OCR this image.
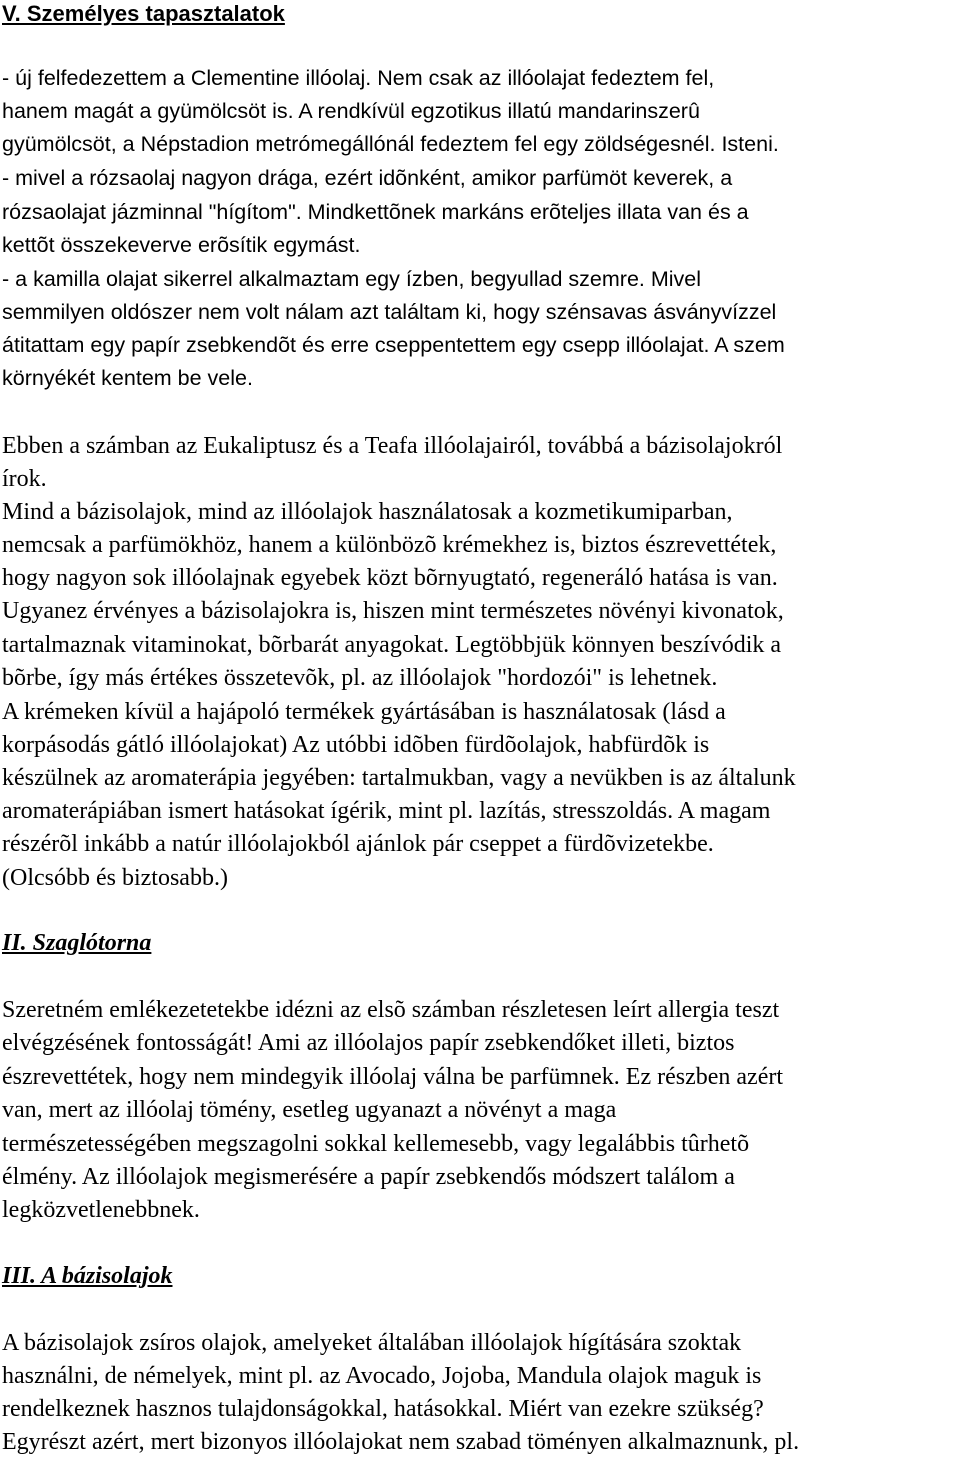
V. Személyes tapasztalatok

- új felfedezettem a Clementine illóolaj. Nem csak az illóolajat fedeztem fel,

hanem magát a gyümölcsöt is. A rendkívül egzotikus illatú mandarinszerû

gyümölcsöt, a Népstadion metrómegállónál fedeztem fel egy zöldségesnél. Isteni.

- mivel a rózsaolaj nagyon drága, ezért idõnként, amikor parfümöt keverek, a

rózsaolajat jázminnal "hígítom". Mindkettõnek markáns erõteljes illata van és a

kettõt összekeverve erõsítik egymást.

- a kamilla olajat sikerrel alkalmaztam egy ízben, begyullad szemre. Mivel

semmilyen oldószer nem volt nálam azt találtam ki, hogy szénsavas ásványvízzel

átitattam egy papír zsebkendõt és erre cseppentettem egy csepp illóolajat. A szem

környékét kentem be vele.

Ebben a számban az Eukaliptusz és a Teafa illóolajairól, továbbá a bázisolajokról

írok.

Mind a bázisolajok, mind az illóolajok használatosak a kozmetikumiparban,

nemcsak a parfümökhöz, hanem a különbözõ krémekhez is, biztos észrevettétek,

hogy nagyon sok illóolajnak egyebek közt bõrnyugtató, regeneráló hatása is van.

Ugyanez érvényes a bázisolajokra is, hiszen mint természetes növényi kivonatok,

tartalmaznak vitaminokat, bõrbarát anyagokat. Legtöbbjük könnyen beszívódik a

bõrbe, így más értékes összetevõk, pl. az illóolajok "hordozói" is lehetnek.

A krémeken kívül a hajápoló termékek gyártásában is használatosak (lásd a

korpásodás gátló illóolajokat) Az utóbbi idõben fürdõolajok, habfürdõk is

készülnek az aromaterápia jegyében: tartalmukban, vagy a nevükben is az általunk

aromaterápiában ismert hatásokat ígérik, mint pl. lazítás, stresszoldás. A magam

részérõl inkább a natúr illóolajokból ajánlok pár cseppet a fürdõvizetekbe.

(Olcsóbb és biztosabb.)

II. Szaglótorna

Szeretném emlékezetetekbe idézni az elsõ számban részletesen leírt allergia teszt

elvégzésének fontosságát! Ami az illóolajos papír zsebkendőket illeti, biztos

észrevettétek, hogy nem mindegyik illóolaj válna be parfümnek. Ez részben azért

van, mert az illóolaj tömény, esetleg ugyanazt a növényt a maga

természetességében megszagolni sokkal kellemesebb, vagy legalábbis tûrhetõ

élmény. Az illóolajok megismerésére a papír zsebkendős módszert találom a

legközvetlenebbnek.

III. A bázisolajok

A bázisolajok zsíros olajok, amelyeket általában illóolajok hígítására szoktak

használni, de némelyek, mint pl. az Avocado, Jojoba, Mandula olajok maguk is

rendelkeznek hasznos tulajdonságokkal, hatásokkal. Miért van ezekre szükség?

Egyrészt azért, mert bizonyos illóolajokat nem szabad töményen alkalmaznunk, pl.
